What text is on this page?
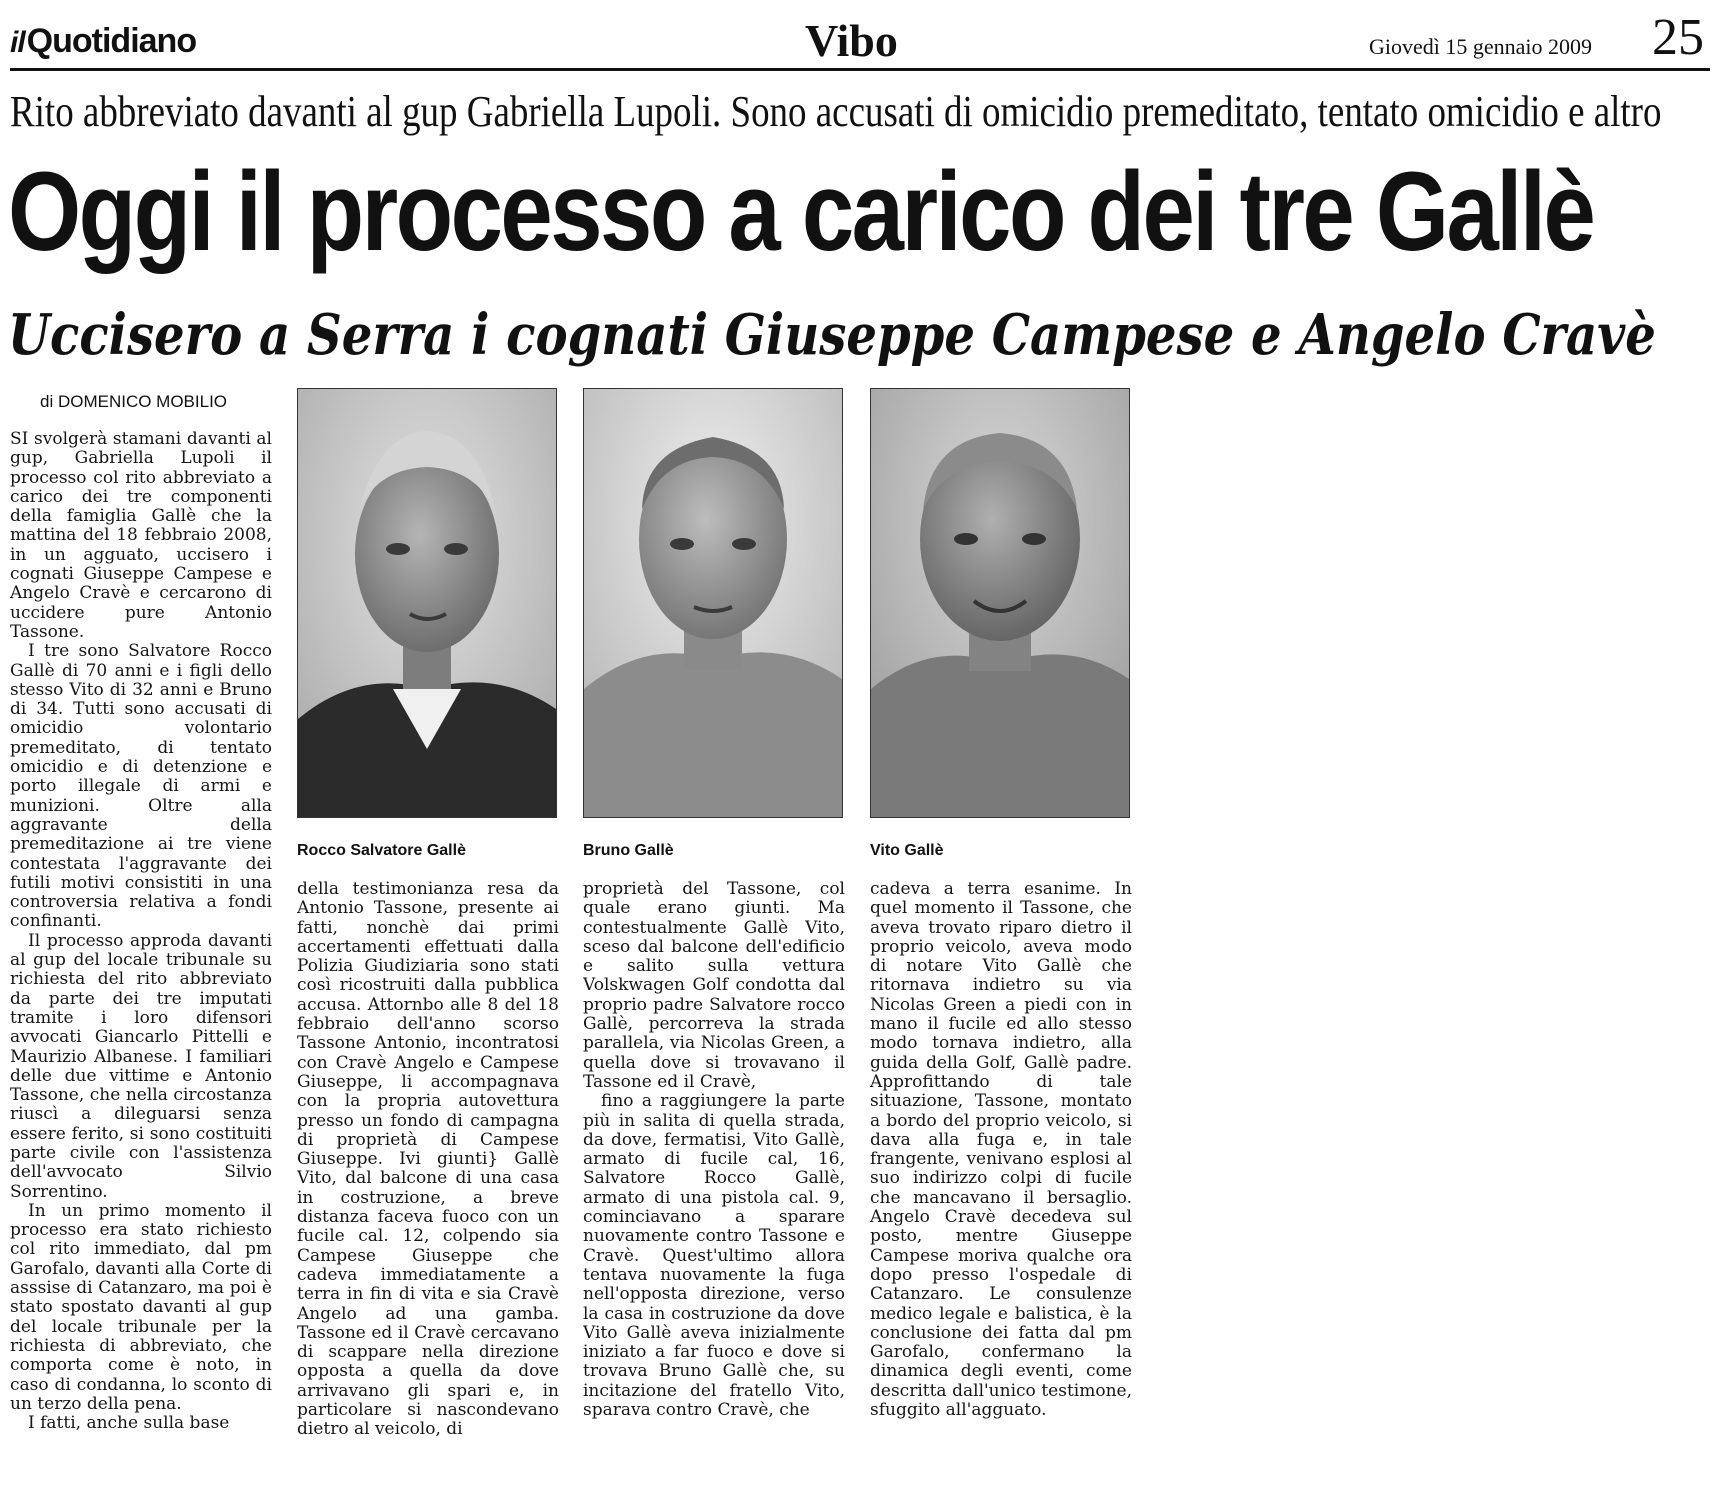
ilQuotidiano	Vibo	Giovedì 15 gennaio 2009 25
Rito abbreviato davanti al gup Gabriella Lupoli. Sono accusati di omicidio premeditato, tentato omicidio e altro
Oggi il processo a carico dei tre Gallè
Uccisero a Serra i cognati Giuseppe Campese e Angelo Cravè
di DOMENICO MOBILIO

SI svolgerà stamani davanti al gup, Gabriella Lupoli il processo col rito abbreviato a carico dei tre componenti della famiglia Gallè che la mattina del 18 febbraio 2008, in un agguato, uccisero i cognati Giuseppe Campese e Angelo Cravè e cercarono di uccidere pure Antonio Tassone.

I tre sono Salvatore Rocco Gallè di 70 anni e i figli dello stesso Vito di 32 anni e Bruno di 34. Tutti sono accusati di omicidio volontario premeditato, di tentato omicidio e di detenzione e porto illegale di armi e munizioni. Oltre alla aggravante della premeditazione ai tre viene contestata l'aggravante dei futili motivi consistiti in una controversia relativa a fondi confinanti.

Il processo approda davanti al gup del locale tribunale su richiesta del rito abbreviato da parte dei tre imputati tramite i loro difensori avvocati Giancarlo Pittelli e Maurizio Albanese. I familiari delle due vittime e Antonio Tassone, che nella circostanza riuscì a dileguarsi senza essere ferito, si sono costituiti parte civile con l'assistenza dell'avvocato Silvio Sorrentino.

In un primo momento il processo era stato richiesto col rito immediato, dal pm Garofalo, davanti alla Corte di asssise di Catanzaro, ma poi è stato spostato davanti al gup del locale tribunale per la richiesta di abbreviato, che comporta come è noto, in caso di condanna, lo sconto di un terzo della pena.

I fatti, anche sulla base

Rocco Salvatore Gallè	Bruno Gallè	Vito Gallè

della testimonianza resa da Antonio Tassone, presente ai fatti, nonchè dai primi accertamenti effettuati dalla Polizia Giudiziaria sono stati così ricostruiti dalla pubblica accusa. Attornbo alle 8 del 18 febbraio dell'anno scorso Tassone Antonio, incontratosi con Cravè Angelo e Campese Giuseppe, li accompagnava con la propria autovettura presso un fondo di campagna di proprietà di Campese Giuseppe. Ivi giunti} Gallè Vito, dal balcone di una casa in costruzione, a breve distanza faceva fuoco con un fucile cal. 12, colpendo sia Campese Giuseppe che cadeva immediatamente a terra in fin di vita e sia Cravè Angelo ad una gamba. Tassone ed il Cravè cercavano di scappare nella direzione opposta a quella da dove arrivavano gli spari e, in particolare si nascondevano dietro al veicolo, di

proprietà del Tassone, col quale erano giunti. Ma contestualmente Gallè Vito, sceso dal balcone dell'edificio e salito sulla vettura Volskwagen Golf condotta dal proprio padre Salvatore rocco Gallè, percorreva la strada parallela, via Nicolas Green, a quella dove si trovavano il Tassone ed il Cravè,

fino a raggiungere la parte più in salita di quella strada, da dove, fermatisi, Vito Gallè, armato di fucile cal, 16, Salvatore Rocco Gallè, armato di una pistola cal. 9, cominciavano a sparare nuovamente contro Tassone e Cravè. Quest'ultimo allora tentava nuovamente la fuga nell'opposta direzione, verso la casa in costruzione da dove Vito Gallè aveva inizialmente iniziato a far fuoco e dove si trovava Bruno Gallè che, su incitazione del fratello Vito, sparava contro Cravè, che

cadeva a terra esanime. In quel momento il Tassone, che aveva trovato riparo dietro il proprio veicolo, aveva modo di notare Vito Gallè che ritornava indietro su via Nicolas Green a piedi con in mano il fucile ed allo stesso modo tornava indietro, alla guida della Golf, Gallè padre. Approfittando di tale situazione, Tassone, montato a bordo del proprio veicolo, si dava alla fuga e, in tale frangente, venivano esplosi al suo indirizzo colpi di fucile che mancavano il bersaglio. Angelo Cravè decedeva sul posto, mentre Giuseppe Campese moriva qualche ora dopo presso l'ospedale di Catanzaro. Le consulenze medico legale e balistica, è la conclusione dei fatta dal pm Garofalo, confermano la dinamica degli eventi, come descritta dall'unico testimone, sfuggito all'agguato.
